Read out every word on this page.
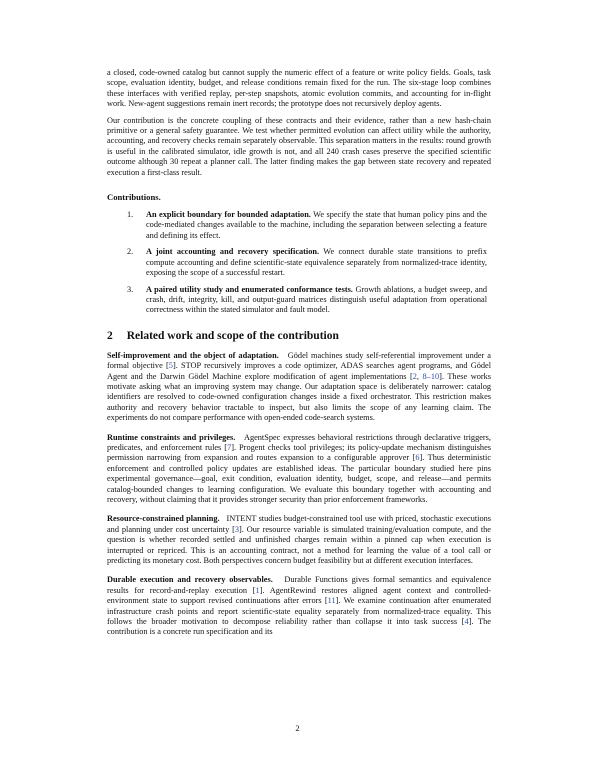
a closed, code-owned catalog but cannot supply the numeric effect of a feature or write policy fields. Goals, task scope, evaluation identity, budget, and release conditions remain fixed for the run. The six-stage loop combines these interfaces with verified replay, per-step snapshots, atomic evolution commits, and accounting for in-flight work. New-agent suggestions remain inert records; the prototype does not recursively deploy agents.

Our contribution is the concrete coupling of these contracts and their evidence, rather than a new hash-chain primitive or a general safety guarantee. We test whether permitted evolution can affect utility while the authority, accounting, and recovery checks remain separately observable. This separation matters in the results: round growth is useful in the calibrated simulator, idle growth is not, and all 240 crash cases preserve the specified scientific outcome although 30 repeat a planner call. The latter finding makes the gap between state recovery and repeated execution a first-class result.

Contributions.
1. An explicit boundary for bounded adaptation. We specify the state that human policy pins and the code-mediated changes available to the machine, including the separation between selecting a feature and defining its effect.
2. A joint accounting and recovery specification. We connect durable state transitions to prefix compute accounting and define scientific-state equivalence separately from normalized-trace identity, exposing the scope of a successful restart.
3. A paired utility study and enumerated conformance tests. Growth ablations, a budget sweep, and crash, drift, integrity, kill, and output-guard matrices distinguish useful adaptation from operational correctness within the stated simulator and fault model.
2 Related work and scope of the contribution

Self-improvement and the object of adaptation. Gödel machines study self-referential improvement under a formal objective [5]. STOP recursively improves a code optimizer, ADAS searches agent programs, and Gödel Agent and the Darwin Gödel Machine explore modification of agent implementations [2, 8–10]. These works motivate asking what an improving system may change. Our adaptation space is deliberately narrower: catalog identifiers are resolved to code-owned configuration changes inside a fixed orchestrator. This restriction makes authority and recovery behavior tractable to inspect, but also limits the scope of any learning claim. The experiments do not compare performance with open-ended code-search systems.

Runtime constraints and privileges. AgentSpec expresses behavioral restrictions through declarative triggers, predicates, and enforcement rules [7]. Progent checks tool privileges; its policy-update mechanism distinguishes permission narrowing from expansion and routes expansion to a configurable approver [6]. Thus deterministic enforcement and controlled policy updates are established ideas. The particular boundary studied here pins experimental governance—goal, exit condition, evaluation identity, budget, scope, and release—and permits catalog-bounded changes to learning configuration. We evaluate this boundary together with accounting and recovery, without claiming that it provides stronger security than prior enforcement frameworks.

Resource-constrained planning. INTENT studies budget-constrained tool use with priced, stochastic executions and planning under cost uncertainty [3]. Our resource variable is simulated training/evaluation compute, and the question is whether recorded settled and unfinished charges remain within a pinned cap when execution is interrupted or repriced. This is an accounting contract, not a method for learning the value of a tool call or predicting its monetary cost. Both perspectives concern budget feasibility but at different execution interfaces.

Durable execution and recovery observables. Durable Functions gives formal semantics and equivalence results for record-and-replay execution [1]. AgentRewind restores aligned agent context and controlled-environment state to support revised continuations after errors [11]. We examine continuation after enumerated infrastructure crash points and report scientific-state equality separately from normalized-trace equality. This follows the broader motivation to decompose reliability rather than collapse it into task success [4]. The contribution is a concrete run specification and its

2
